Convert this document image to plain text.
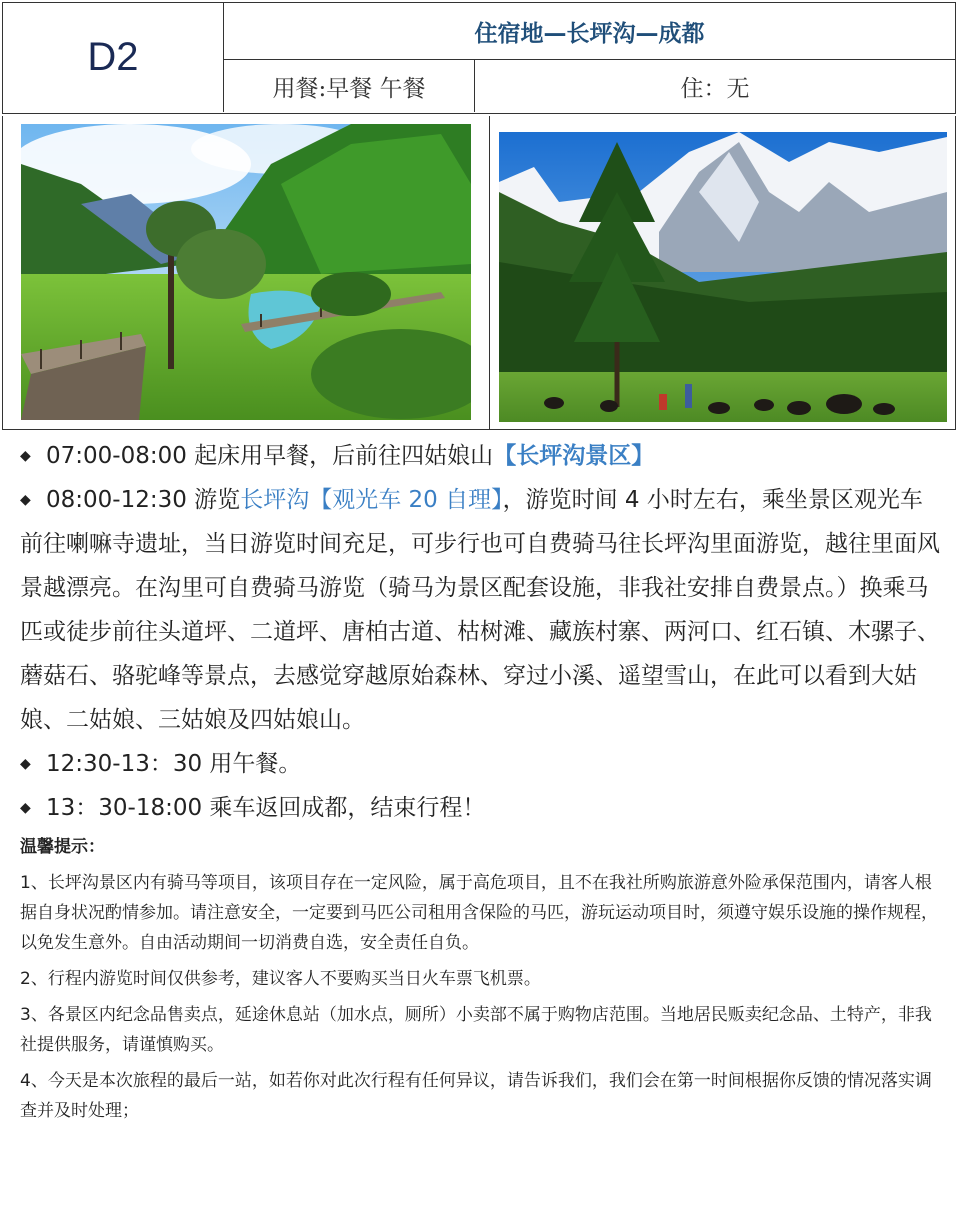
D2
住宿地—长坪沟—成都
用餐:早餐 午餐	住：无

◆ 07:00-08:00 起床用早餐，后前往四姑娘山【长坪沟景区】

◆ 08:00-12:30 游览长坪沟【观光车 20 自理】，游览时间 4 小时左右，乘坐景区观光车前往喇嘛寺遗址，当日游览时间充足，可步行也可自费骑马往长坪沟里面游览，越往里面风景越漂亮。在沟里可自费骑马游览（骑马为景区配套设施，非我社安排自费景点。）换乘马匹或徒步前往头道坪、二道坪、唐柏古道、枯树滩、藏族村寨、两河口、红石镇、木骡子、蘑菇石、骆驼峰等景点，去感觉穿越原始森林、穿过小溪、遥望雪山，在此可以看到大姑娘、二姑娘、三姑娘及四姑娘山。

◆ 12:30-13：30 用午餐。

◆ 13：30-18:00 乘车返回成都，结束行程！

温馨提示：

1、长坪沟景区内有骑马等项目，该项目存在一定风险，属于高危项目，且不在我社所购旅游意外险承保范围内，请客人根据自身状况酌情参加。请注意安全，一定要到马匹公司租用含保险的马匹，游玩运动项目时，须遵守娱乐设施的操作规程，以免发生意外。自由活动期间一切消费自选，安全责任自负。

2、行程内游览时间仅供参考，建议客人不要购买当日火车票飞机票。

3、各景区内纪念品售卖点，延途休息站（加水点，厕所）小卖部不属于购物店范围。当地居民贩卖纪念品、土特产，非我社提供服务，请谨慎购买。

4、今天是本次旅程的最后一站，如若你对此次行程有任何异议，请告诉我们，我们会在第一时间根据你反馈的情况落实调查并及时处理；
